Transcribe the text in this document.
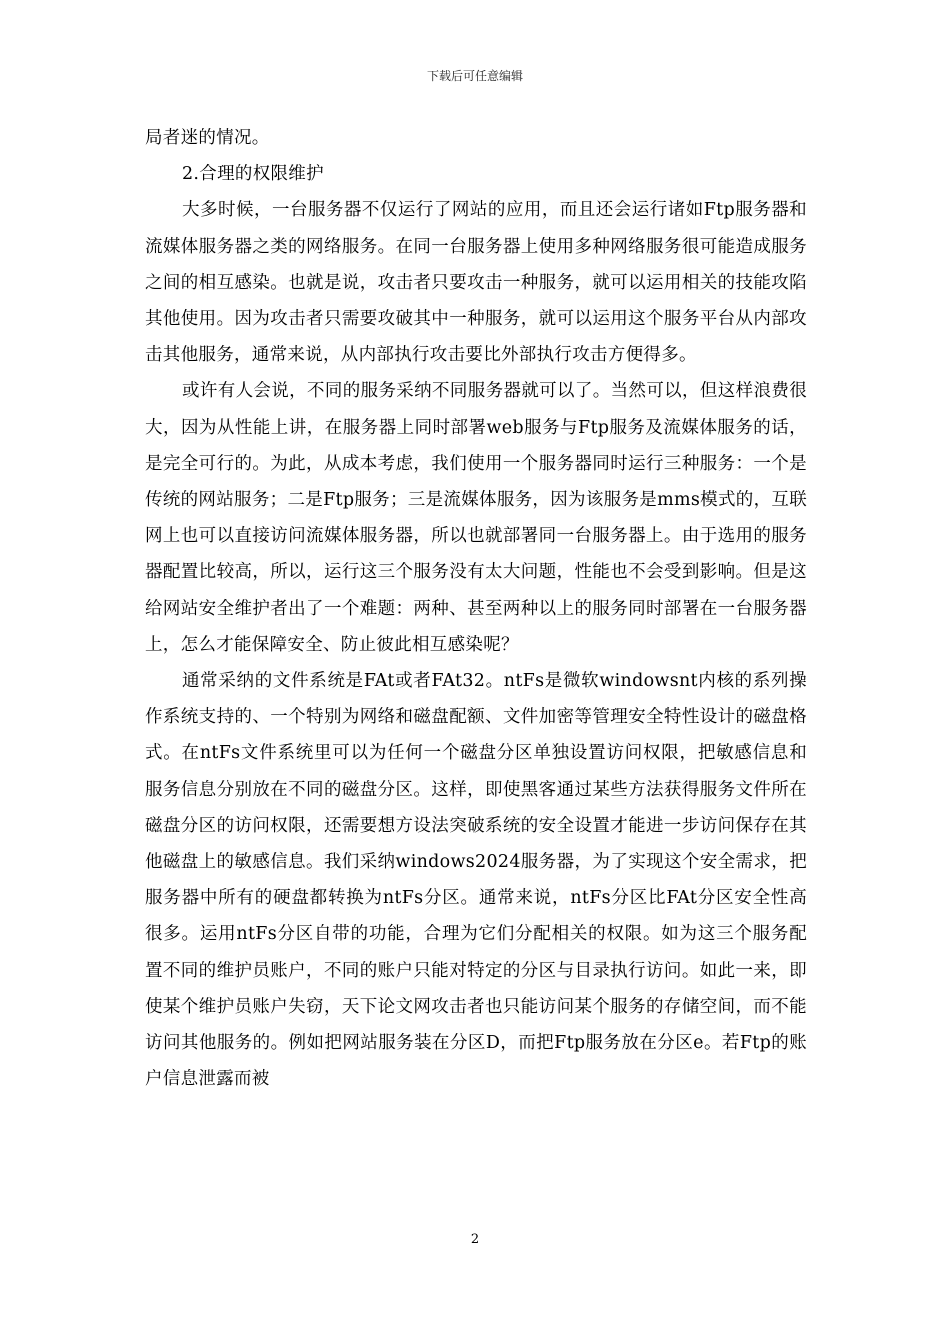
下载后可任意编辑

局者迷的情况。

2.合理的权限维护

大多时候，一台服务器不仅运行了网站的应用，而且还会运行诸如Ftp服务器和流媒体服务器之类的网络服务。在同一台服务器上使用多种网络服务很可能造成服务之间的相互感染。也就是说，攻击者只要攻击一种服务，就可以运用相关的技能攻陷其他使用。因为攻击者只需要攻破其中一种服务，就可以运用这个服务平台从内部攻击其他服务，通常来说，从内部执行攻击要比外部执行攻击方便得多。

或许有人会说，不同的服务采纳不同服务器就可以了。当然可以，但这样浪费很大，因为从性能上讲，在服务器上同时部署web服务与Ftp服务及流媒体服务的话，是完全可行的。为此，从成本考虑，我们使用一个服务器同时运行三种服务：一个是传统的网站服务；二是Ftp服务；三是流媒体服务，因为该服务是mms模式的，互联网上也可以直接访问流媒体服务器，所以也就部署同一台服务器上。由于选用的服务器配置比较高，所以，运行这三个服务没有太大问题，性能也不会受到影响。但是这给网站安全维护者出了一个难题：两种、甚至两种以上的服务同时部署在一台服务器上，怎么才能保障安全、防止彼此相互感染呢？

通常采纳的文件系统是FAt或者FAt32。ntFs是微软windowsnt内核的系列操作系统支持的、一个特别为网络和磁盘配额、文件加密等管理安全特性设计的磁盘格式。在ntFs文件系统里可以为任何一个磁盘分区单独设置访问权限，把敏感信息和服务信息分别放在不同的磁盘分区。这样，即使黑客通过某些方法获得服务文件所在磁盘分区的访问权限，还需要想方设法突破系统的安全设置才能进一步访问保存在其他磁盘上的敏感信息。我们采纳windows2024服务器，为了实现这个安全需求，把服务器中所有的硬盘都转换为ntFs分区。通常来说，ntFs分区比FAt分区安全性高很多。运用ntFs分区自带的功能，合理为它们分配相关的权限。如为这三个服务配置不同的维护员账户，不同的账户只能对特定的分区与目录执行访问。如此一来，即使某个维护员账户失窃，天下论文网攻击者也只能访问某个服务的存储空间，而不能访问其他服务的。例如把网站服务装在分区D，而把Ftp服务放在分区e。若Ftp的账户信息泄露而被

2
